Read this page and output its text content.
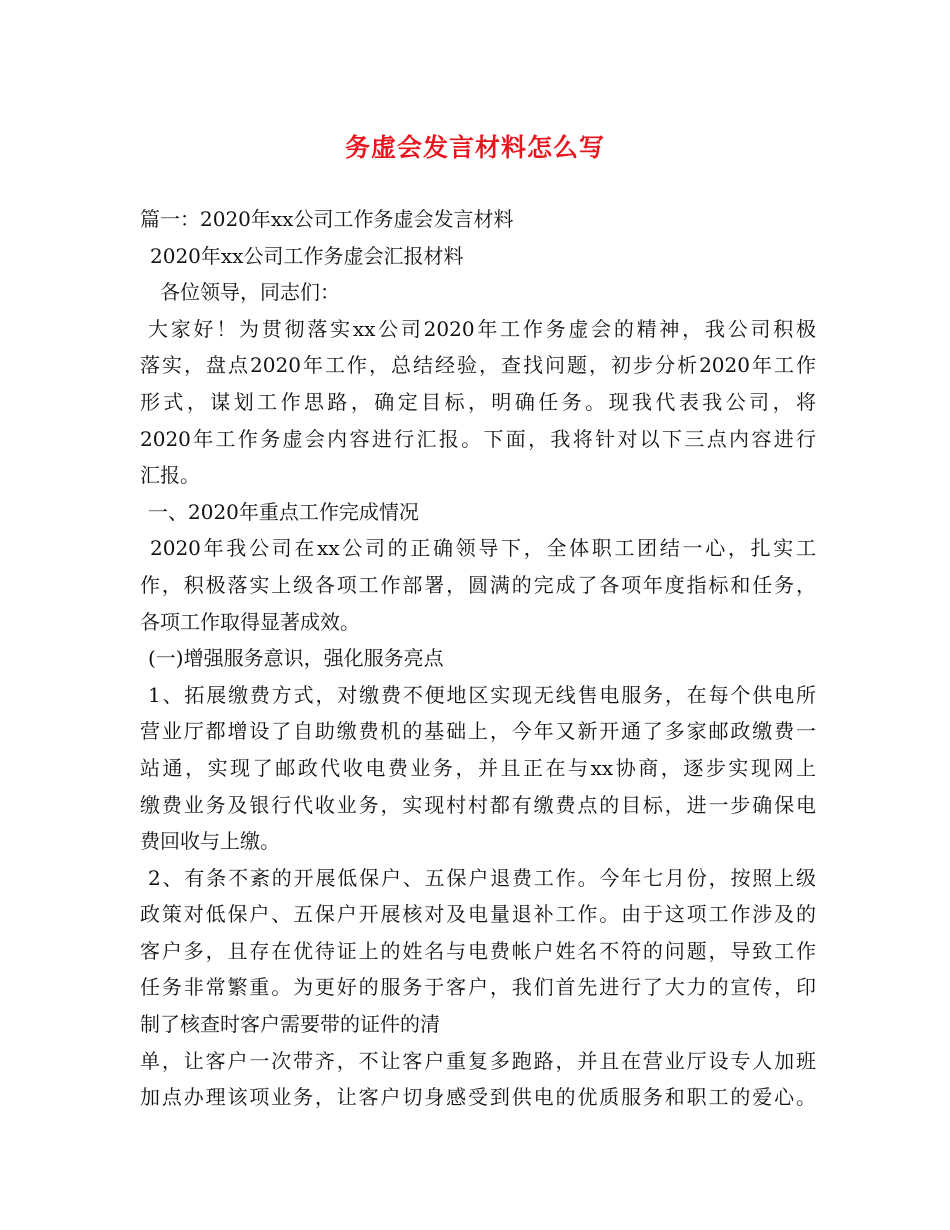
务虚会发言材料怎么写
篇一：2020年xx公司工作务虚会发言材料
2020年xx公司工作务虚会汇报材料
各位领导，同志们：
大家好！为贯彻落实xx公司2020年工作务虚会的精神，我公司积极
落实，盘点2020年工作，总结经验，查找问题，初步分析2020年工作
形式，谋划工作思路，确定目标，明确任务。现我代表我公司，将
2020年工作务虚会内容进行汇报。下面，我将针对以下三点内容进行
汇报。
一、2020年重点工作完成情况
2020年我公司在xx公司的正确领导下，全体职工团结一心，扎实工
作，积极落实上级各项工作部署，圆满的完成了各项年度指标和任务，
各项工作取得显著成效。
(一)增强服务意识，强化服务亮点
1、拓展缴费方式，对缴费不便地区实现无线售电服务，在每个供电所
营业厅都增设了自助缴费机的基础上，今年又新开通了多家邮政缴费一
站通，实现了邮政代收电费业务，并且正在与xx协商，逐步实现网上
缴费业务及银行代收业务，实现村村都有缴费点的目标，进一步确保电
费回收与上缴。
2、有条不紊的开展低保户、五保户退费工作。今年七月份，按照上级
政策对低保户、五保户开展核对及电量退补工作。由于这项工作涉及的
客户多，且存在优待证上的姓名与电费帐户姓名不符的问题，导致工作
任务非常繁重。为更好的服务于客户，我们首先进行了大力的宣传，印
制了核查时客户需要带的证件的清
单，让客户一次带齐，不让客户重复多跑路，并且在营业厅设专人加班
加点办理该项业务，让客户切身感受到供电的优质服务和职工的爱心。
